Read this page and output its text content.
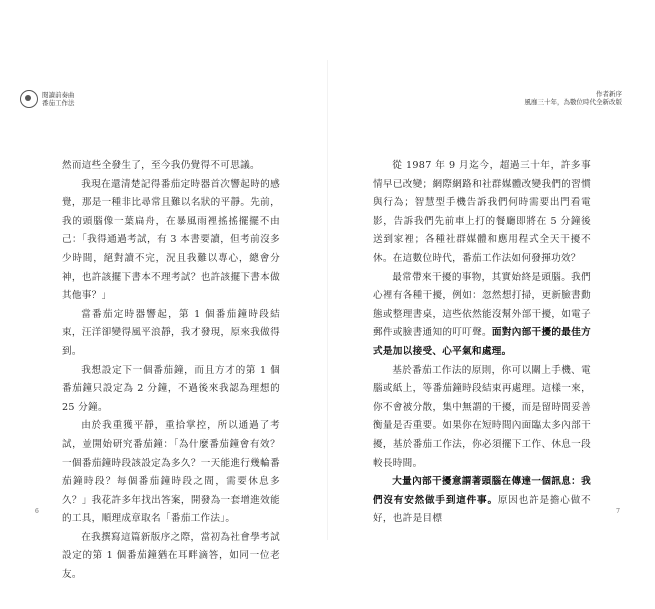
閱讀前奏曲
番茄工作法

然而這些全發生了，至今我仍覺得不可思議。

我現在還清楚記得番茄定時器首次響起時的感覺，那是一種非比尋常且難以名狀的平靜。先前，我的頭腦像一葉扁舟，在暴風雨裡搖搖擺擺不由己：「我得通過考試，有 3 本書要讀，但考前沒多少時間，絕對讀不完，況且我難以專心，總會分神，也許該擺下書本不理考試？也許該擺下書本做其他事？」

當番茄定時器響起，第 1 個番茄鐘時段結束，汪洋卻變得風平浪靜，我才發現，原來我做得到。

我想設定下一個番茄鐘，而且方才的第 1 個番茄鐘只設定為 2 分鐘，不過後來我認為理想的 25 分鐘。

由於我重獲平靜，重拾掌控，所以通過了考試，並開始研究番茄鐘：「為什麼番茄鐘會有效？一個番茄鐘時段該設定為多久？一天能進行幾輪番茄鐘時段？每個番茄鐘時段之間，需要休息多久？」我花許多年找出答案，開發為一套增進效能的工具，順理成章取名「番茄工作法」。

在我撰寫這篇新版序之際，當初為社會學考試設定的第 1 個番茄鐘猶在耳畔滴答，如同一位老友。

6
作者新序
風靡三十年，為數位時代全新改版

從 1987 年 9 月迄今，超過三十年，許多事情早已改變；網際網路和社群媒體改變我們的習慣與行為；智慧型手機告訴我們何時需要出門看電影，告訴我們先前車上打的餐廳即將在 5 分鐘後送到家裡；各種社群媒體和應用程式全天干擾不休。在這數位時代，番茄工作法如何發揮功效？

最常帶來干擾的事物，其實始終是頭腦。我們心裡有各種干擾，例如：忽然想打掃，更新臉書動態或整理書桌，這些依然能沒幫外部干擾，如電子郵件或臉書通知的叮叮聲。面對內部干擾的最佳方式是加以接受、心平氣和處理。

基於番茄工作法的原則，你可以關上手機、電腦或紙上，等番茄鐘時段結束再處理。這樣一來，你不會被分散，集中無謂的干擾，而是留時間妥善衡量是否重要。如果你在短時間內面臨太多內部干擾，基於番茄工作法，你必須擺下工作、休息一段較長時間。

大量內部干擾意謂著頭腦在傳達一個訊息：我們沒有安然做手到這件事。原因也許是擔心做不好，也許是目標

7
